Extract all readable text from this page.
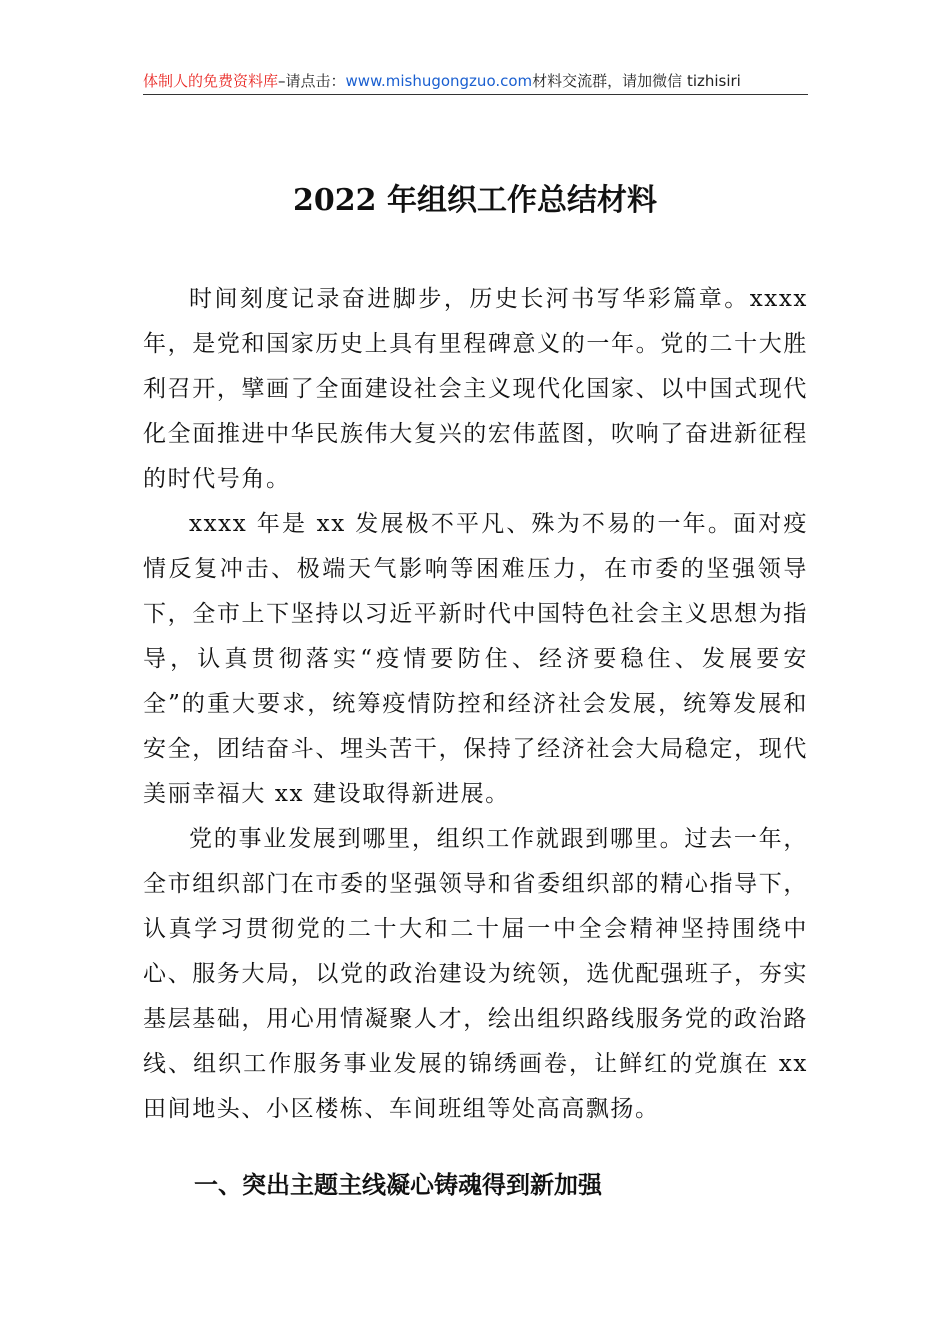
体制人的免费资料库–请点击：www.mishugongzuo.com材料交流群，请加微信 tizhisiri
2022 年组织工作总结材料

时间刻度记录奋进脚步，历史长河书写华彩篇章。xxxx 年，是党和国家历史上具有里程碑意义的一年。党的二十大胜利召开，擘画了全面建设社会主义现代化国家、以中国式现代化全面推进中华民族伟大复兴的宏伟蓝图，吹响了奋进新征程的时代号角。

xxxx 年是 xx 发展极不平凡、殊为不易的一年。面对疫情反复冲击、极端天气影响等困难压力，在市委的坚强领导下，全市上下坚持以习近平新时代中国特色社会主义思想为指导，认真贯彻落实“疫情要防住、经济要稳住、发展要安全”的重大要求，统筹疫情防控和经济社会发展，统筹发展和安全，团结奋斗、埋头苦干，保持了经济社会大局稳定，现代美丽幸福大 xx 建设取得新进展。

党的事业发展到哪里，组织工作就跟到哪里。过去一年，全市组织部门在市委的坚强领导和省委组织部的精心指导下，认真学习贯彻党的二十大和二十届一中全会精神坚持围绕中心、服务大局，以党的政治建设为统领，选优配强班子，夯实基层基础，用心用情凝聚人才，绘出组织路线服务党的政治路线、组织工作服务事业发展的锦绣画卷，让鲜红的党旗在 xx 田间地头、小区楼栋、车间班组等处高高飘扬。

一、突出主题主线凝心铸魂得到新加强
